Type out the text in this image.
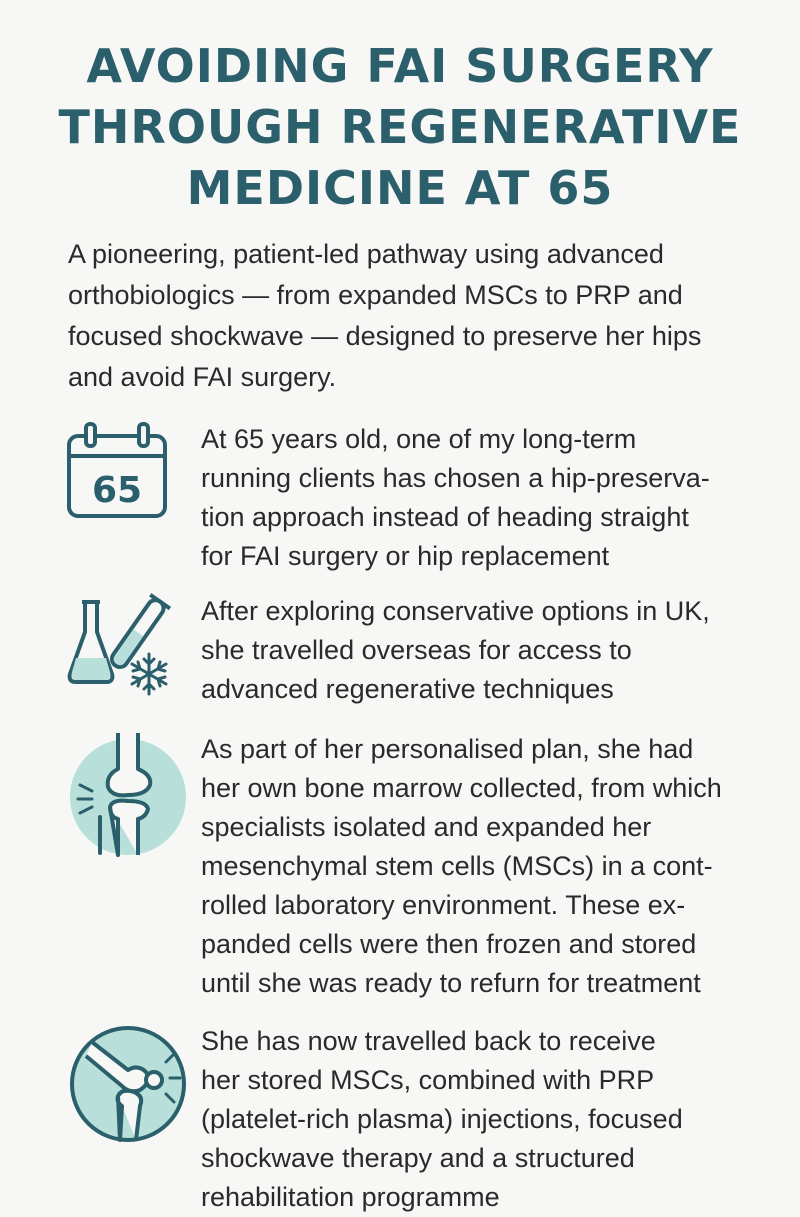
AVOIDING FAI SURGERY
THROUGH REGENERATIVE
MEDICINE AT 65
A pioneering, patient-led pathway using advanced
orthobiologics — from expanded MSCs to PRP and
focused shockwave — designed to preserve her hips
and avoid FAI surgery.
65
At 65 years old, one of my long-term
running clients has chosen a hip-preserva-
tion approach instead of heading straight
for FAI surgery or hip replacement
After exploring conservative options in UK,
she travelled overseas for access to
advanced regenerative techniques
As part of her personalised plan, she had
her own bone marrow collected, from which
specialists isolated and expanded her
mesenchymal stem cells (MSCs) in a cont-
rolled laboratory environment. These ex-
panded cells were then frozen and stored
until she was ready to refurn for treatment
She has now travelled back to receive
her stored MSCs, combined with PRP
(platelet-rich plasma) injections, focused
shockwave therapy and a structured
rehabilitation programme
